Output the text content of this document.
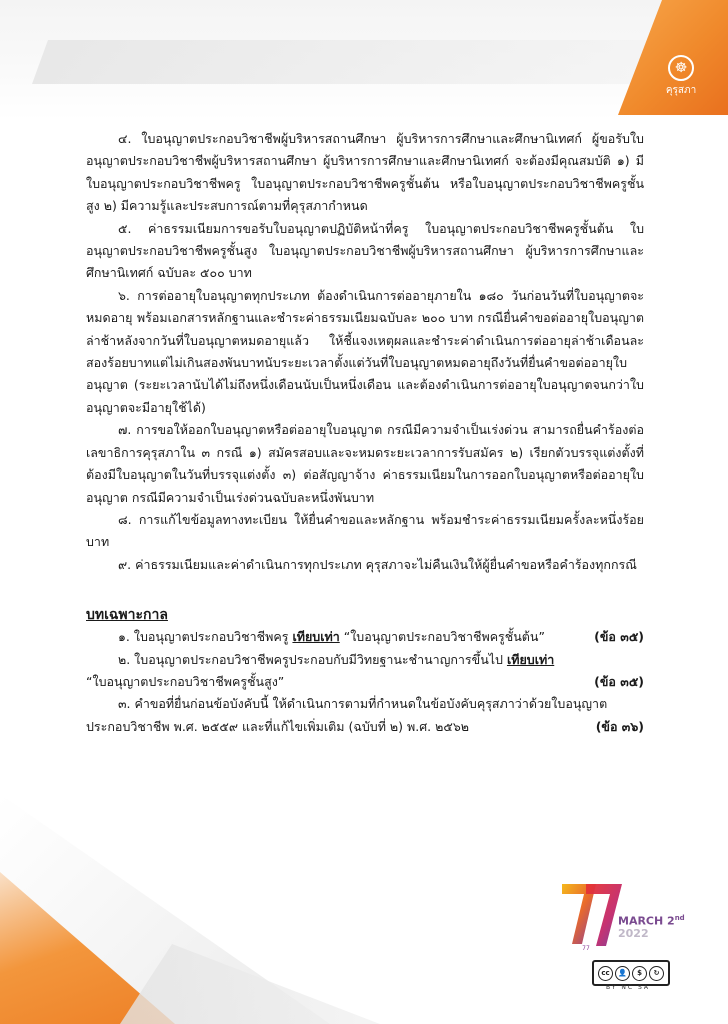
☸
คุรุสภา

๔. ใบอนุญาตประกอบวิชาชีพผู้บริหารสถานศึกษา ผู้บริหารการศึกษาและศึกษานิเทศก์ ผู้ขอรับใบอนุญาตประกอบวิชาชีพผู้บริหารสถานศึกษา ผู้บริหารการศึกษาและศึกษานิเทศก์ จะต้องมีคุณสมบัติ ๑) มีใบอนุญาตประกอบวิชาชีพครู ใบอนุญาตประกอบวิชาชีพครูชั้นต้น หรือใบอนุญาตประกอบวิชาชีพครูชั้นสูง ๒) มีความรู้และประสบการณ์ตามที่คุรุสภากำหนด

๕. ค่าธรรมเนียมการขอรับใบอนุญาตปฏิบัติหน้าที่ครู ใบอนุญาตประกอบวิชาชีพครูชั้นต้น ใบอนุญาตประกอบวิชาชีพครูชั้นสูง ใบอนุญาตประกอบวิชาชีพผู้บริหารสถานศึกษา ผู้บริหารการศึกษาและศึกษานิเทศก์ ฉบับละ ๕๐๐ บาท

๖. การต่ออายุใบอนุญาตทุกประเภท ต้องดำเนินการต่ออายุภายใน ๑๘๐ วันก่อนวันที่ใบอนุญาตจะหมดอายุ พร้อมเอกสารหลักฐานและชำระค่าธรรมเนียมฉบับละ ๒๐๐ บาท กรณียื่นคำขอต่ออายุใบอนุญาตล่าช้าหลังจากวันที่ใบอนุญาตหมดอายุแล้ว ให้ชี้แจงเหตุผลและชำระค่าดำเนินการต่ออายุล่าช้าเดือนละสองร้อยบาทแต่ไม่เกินสองพันบาทนับระยะเวลาตั้งแต่วันที่ใบอนุญาตหมดอายุถึงวันที่ยื่นคำขอต่ออายุใบอนุญาต (ระยะเวลานับได้ไม่ถึงหนึ่งเดือนนับเป็นหนึ่งเดือน และต้องดำเนินการต่ออายุใบอนุญาตจนกว่าใบอนุญาตจะมีอายุใช้ได้)

๗. การขอให้ออกใบอนุญาตหรือต่ออายุใบอนุญาต กรณีมีความจำเป็นเร่งด่วน สามารถยื่นคำร้องต่อเลขาธิการคุรุสภาใน ๓ กรณี ๑) สมัครสอบและจะหมดระยะเวลาการรับสมัคร ๒) เรียกตัวบรรจุแต่งตั้งที่ต้องมีใบอนุญาตในวันที่บรรจุแต่งตั้ง ๓) ต่อสัญญาจ้าง ค่าธรรมเนียมในการออกใบอนุญาตหรือต่ออายุใบอนุญาต กรณีมีความจำเป็นเร่งด่วนฉบับละหนึ่งพันบาท

๘. การแก้ไขข้อมูลทางทะเบียน ให้ยื่นคำขอและหลักฐาน พร้อมชำระค่าธรรมเนียมครั้งละหนึ่งร้อยบาท

๙. ค่าธรรมเนียมและค่าดำเนินการทุกประเภท คุรุสภาจะไม่คืนเงินให้ผู้ยื่นคำขอหรือคำร้องทุกกรณี

บทเฉพาะกาล
๑. ใบอนุญาตประกอบวิชาชีพครู เทียบเท่า “ใบอนุญาตประกอบวิชาชีพครูชั้นต้น”	(ข้อ ๓๕)
๒. ใบอนุญาตประกอบวิชาชีพครูประกอบกับมีวิทยฐานะชำนาญการขึ้นไป เทียบเท่า
“ใบอนุญาตประกอบวิชาชีพครูชั้นสูง”	(ข้อ ๓๕)
๓. คำขอที่ยื่นก่อนข้อบังคับนี้ ให้ดำเนินการตามที่กำหนดในข้อบังคับคุรุสภาว่าด้วยใบอนุญาต
ประกอบวิชาชีพ พ.ศ. ๒๕๕๙ และที่แก้ไขเพิ่มเติม (ฉบับที่ ๒) พ.ศ. ๒๕๖๒	(ข้อ ๓๖)
77
MARCH 2nd
2022
cc	👤	$	↻
BY NC SA
